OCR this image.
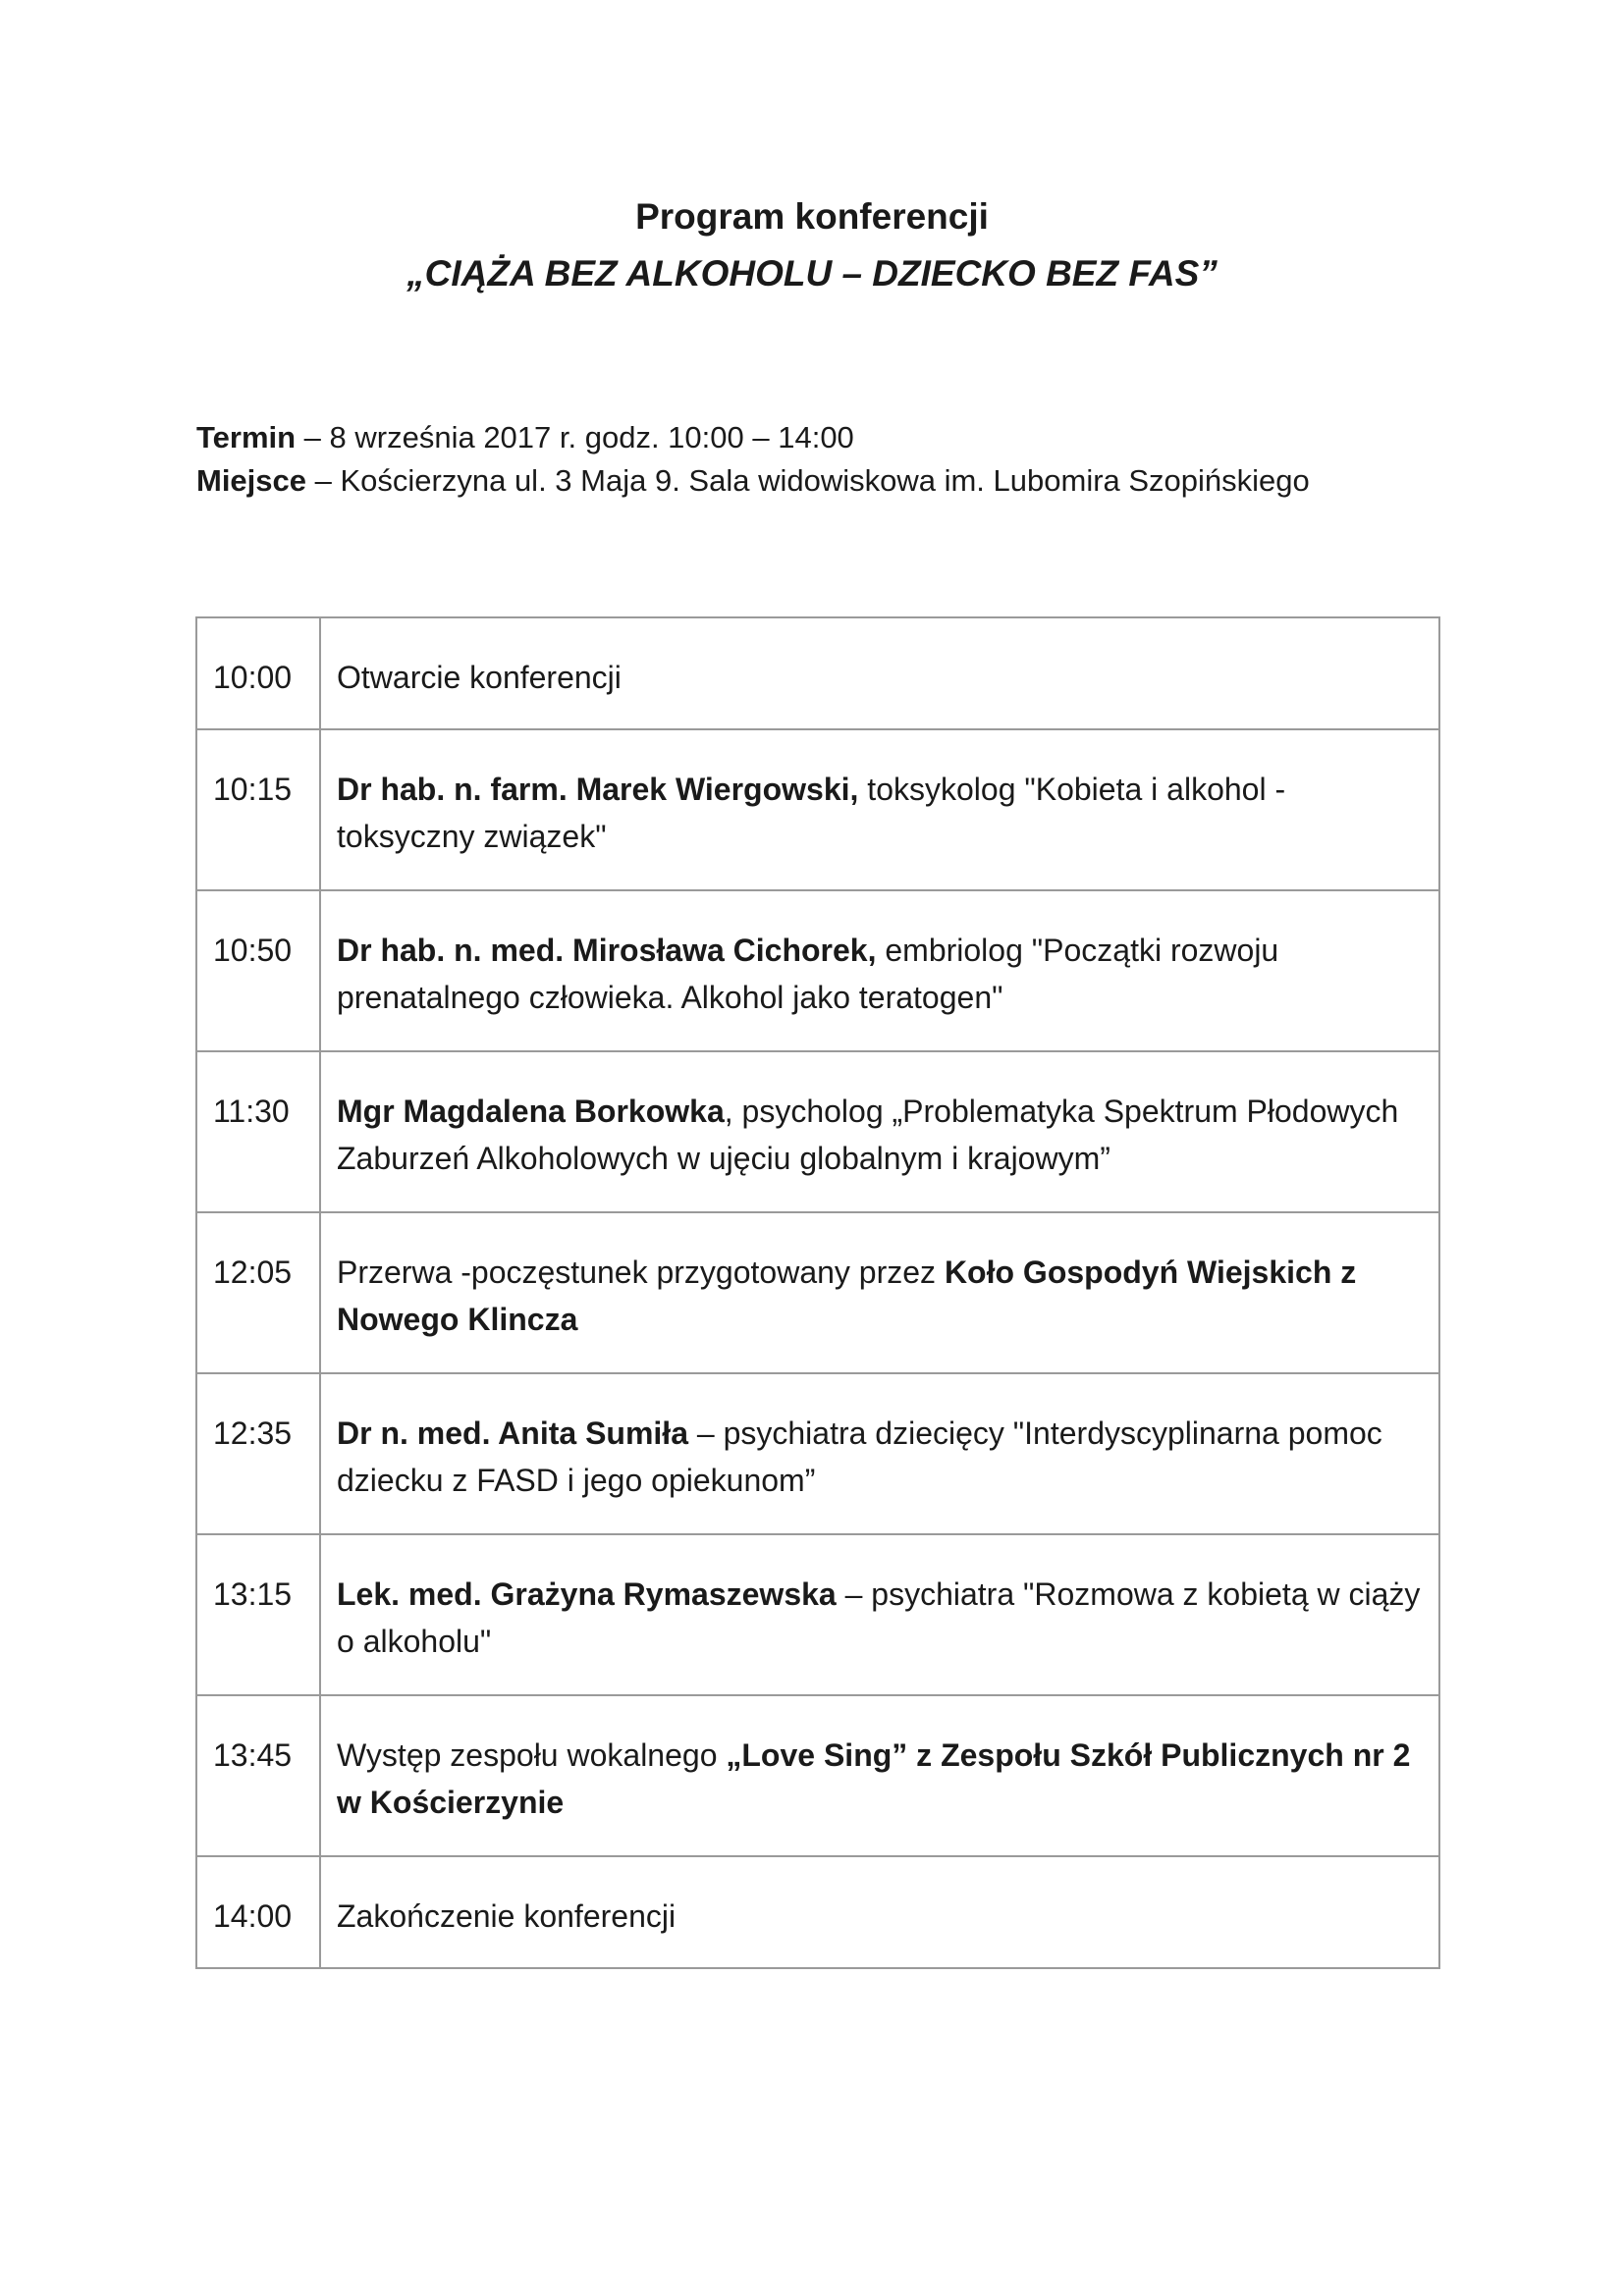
Program konferencji
„CIĄŻA BEZ ALKOHOLU – DZIECKO BEZ FAS”
Termin – 8 września 2017 r. godz. 10:00 – 14:00
Miejsce – Kościerzyna ul. 3 Maja 9. Sala widowiskowa im. Lubomira Szopińskiego
10:00	Otwarcie konferencji
10:15	Dr hab. n. farm. Marek Wiergowski, toksykolog "Kobieta i alkohol - toksyczny związek"
10:50	Dr hab. n. med. Mirosława Cichorek, embriolog "Początki rozwoju prenatalnego człowieka. Alkohol jako teratogen"
11:30	Mgr Magdalena Borkowka, psycholog „Problematyka Spektrum Płodowych Zaburzeń Alkoholowych w ujęciu globalnym i krajowym”
12:05	Przerwa -poczęstunek przygotowany przez Koło Gospodyń Wiejskich z Nowego Klincza
12:35	Dr n. med. Anita Sumiła – psychiatra dziecięcy "Interdyscyplinarna pomoc dziecku z FASD i jego opiekunom”
13:15	Lek. med. Grażyna Rymaszewska – psychiatra "Rozmowa z kobietą w ciąży o alkoholu"
13:45	Występ zespołu wokalnego „Love Sing” z Zespołu Szkół Publicznych nr 2 w Kościerzynie
14:00	Zakończenie konferencji
